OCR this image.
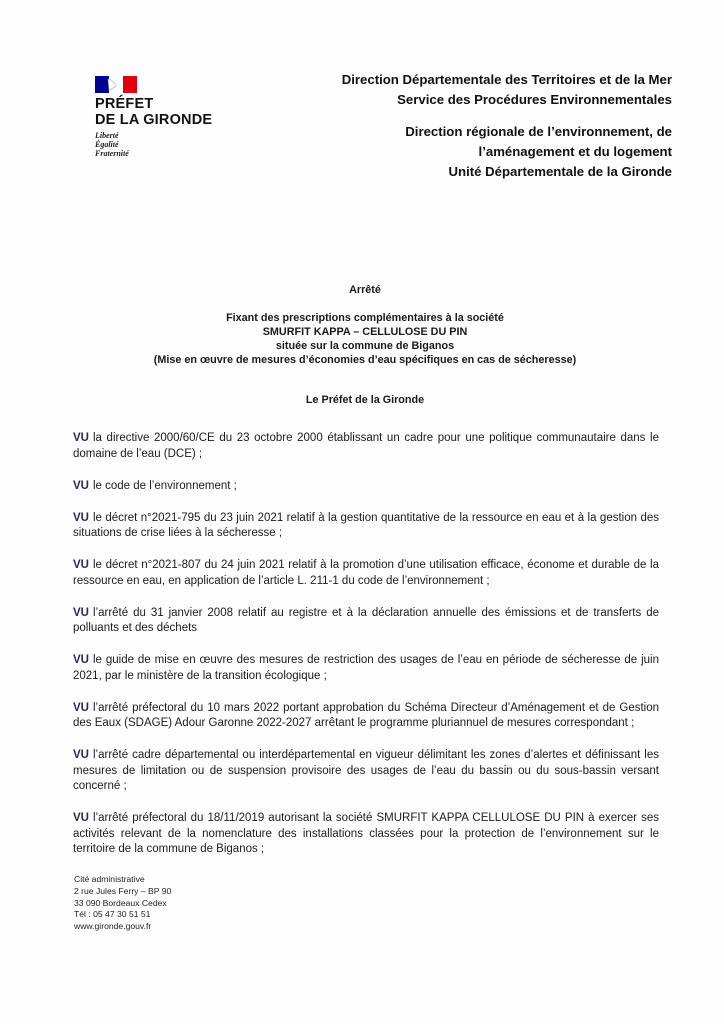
PRÉFET
DE LA GIRONDE
Liberté
Égalité
Fraternité
Direction Départementale des Territoires et de la Mer
Service des Procédures Environnementales
Direction régionale de l’environnement, de
l’aménagement et du logement
Unité Départementale de la Gironde
Arrêté
Fixant des prescriptions complémentaires à la société
SMURFIT KAPPA – CELLULOSE DU PIN
située sur la commune de Biganos
(Mise en œuvre de mesures d’économies d’eau spécifiques en cas de sécheresse)
Le Préfet de la Gironde

VU la directive 2000/60/CE du 23 octobre 2000 établissant un cadre pour une politique communautaire dans le domaine de l’eau (DCE) ;

VU le code de l’environnement ;

VU le décret n°2021-795 du 23 juin 2021 relatif à la gestion quantitative de la ressource en eau et à la gestion des situations de crise liées à la sécheresse ;

VU le décret n°2021-807 du 24 juin 2021 relatif à la promotion d’une utilisation efficace, économe et durable de la ressource en eau, en application de l’article L. 211-1 du code de l’environnement ;

VU l’arrêté du 31 janvier 2008 relatif au registre et à la déclaration annuelle des émissions et de transferts de polluants et des déchets

VU le guide de mise en œuvre des mesures de restriction des usages de l’eau en période de sécheresse de juin 2021, par le ministère de la transition écologique ;

VU l’arrêté préfectoral du 10 mars 2022 portant approbation du Schéma Directeur d’Aménagement et de Gestion des Eaux (SDAGE) Adour Garonne 2022-2027 arrêtant le programme pluriannuel de mesures correspondant ;

VU l’arrêté cadre départemental ou interdépartemental en vigueur délimitant les zones d’alertes et définissant les mesures de limitation ou de suspension provisoire des usages de l’eau du bassin ou du sous-bassin versant concerné ;

VU l’arrêté préfectoral du 18/11/2019 autorisant la société SMURFIT KAPPA CELLULOSE DU PIN à exercer ses activités relevant de la nomenclature des installations classées pour la protection de l’environnement sur le territoire de la commune de Biganos ;

Cité administrative
2 rue Jules Ferry – BP 90
33 090 Bordeaux Cedex
Tél : 05 47 30 51 51
www.gironde.gouv.fr
